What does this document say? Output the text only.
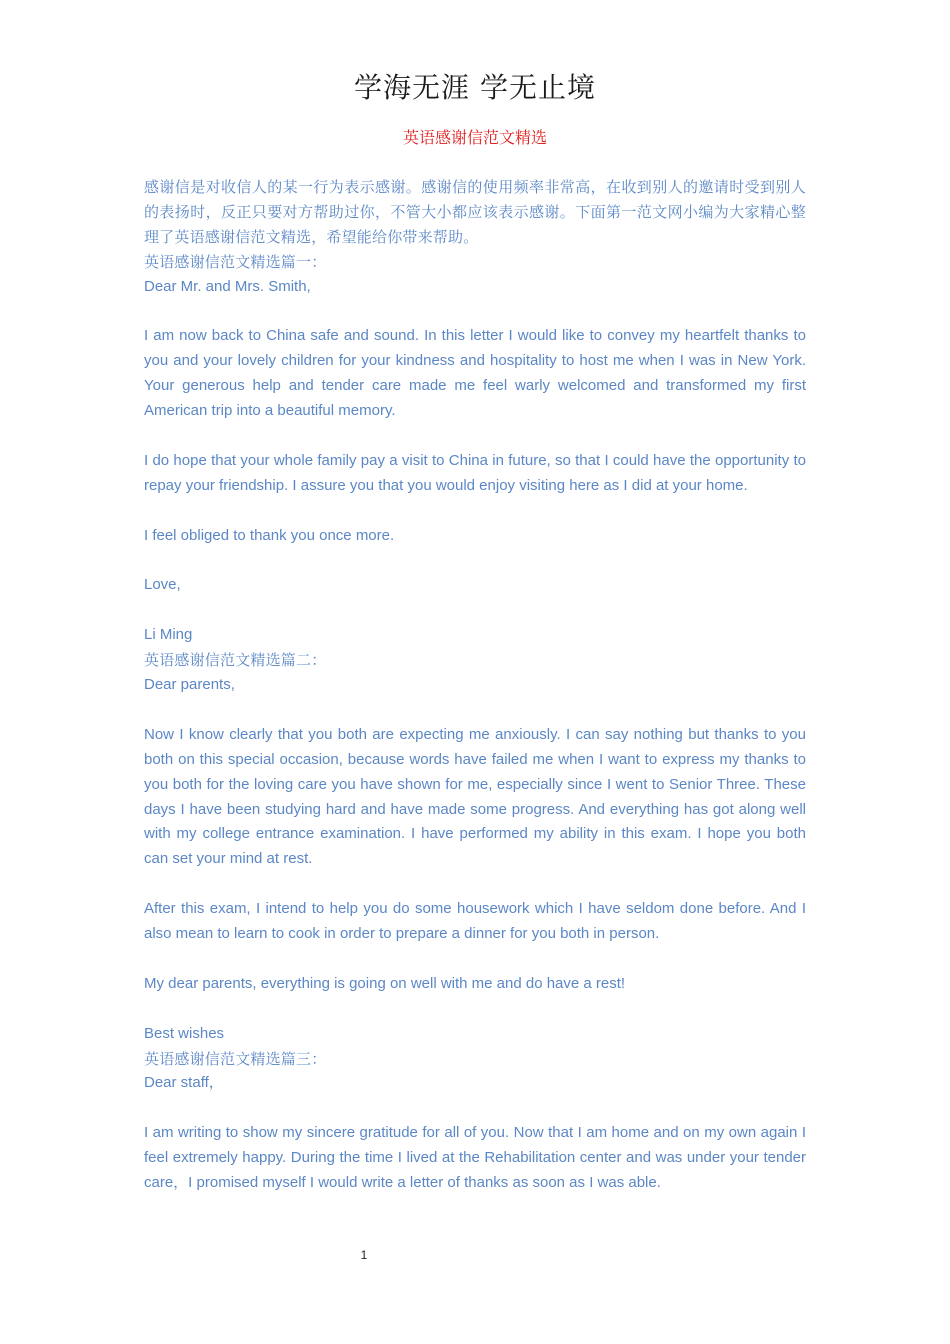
学海无涯 学无止境
英语感谢信范文精选

感谢信是对收信人的某一行为表示感谢。感谢信的使用频率非常高，在收到别人的邀请时受到别人的表扬时，反正只要对方帮助过你，不管大小都应该表示感谢。下面第一范文网小编为大家精心整理了英语感谢信范文精选，希望能给你带来帮助。

英语感谢信范文精选篇一：

Dear Mr. and Mrs. Smith,

I am now back to China safe and sound. In this letter I would like to convey my heartfelt thanks to you and your lovely children for your kindness and hospitality to host me when I was in New York. Your generous help and tender care made me feel warly welcomed and transformed my first American trip into a beautiful memory.

I do hope that your whole family pay a visit to China in future, so that I could have the opportunity to repay your friendship. I assure you that you would enjoy visiting here as I did at your home.

I feel obliged to thank you once more.

Love,

Li Ming

英语感谢信范文精选篇二：

Dear parents,

Now I know clearly that you both are expecting me anxiously. I can say nothing but thanks to you both on this special occasion, because words have failed me when I want to express my thanks to you both for the loving care you have shown for me, especially since I went to Senior Three. These days I have been studying hard and have made some progress. And everything has got along well with my college entrance examination. I have performed my ability in this exam. I hope you both can set your mind at rest.

After this exam, I intend to help you do some housework which I have seldom done before. And I also mean to learn to cook in order to prepare a dinner for you both in person.

My dear parents, everything is going on well with me and do have a rest!

Best wishes

英语感谢信范文精选篇三：

Dear staff，

I am writing to show my sincere gratitude for all of you. Now that I am home and on my own again I feel extremely happy. During the time I lived at the Rehabilitation center and was under your tender care，I promised myself I would write a letter of thanks as soon as I was able.

1
